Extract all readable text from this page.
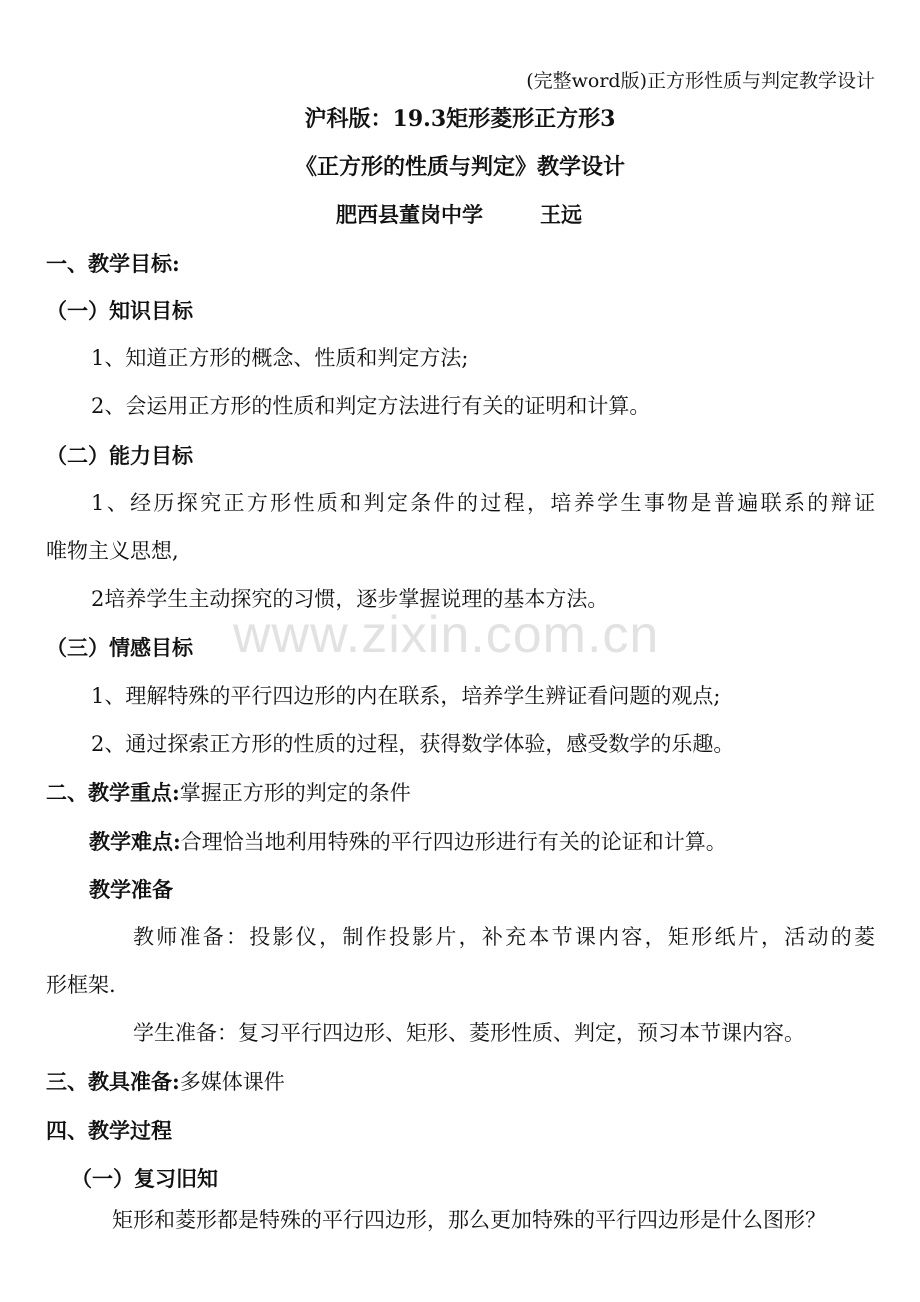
www.zixin.com.cn
(完整word版)正方形性质与判定教学设计
沪科版：19.3矩形菱形正方形3
《正方形的性质与判定》教学设计
肥西县董岗中学	王远
一、教学目标:
（一）知识目标
1、知道正方形的概念、性质和判定方法;
2、会运用正方形的性质和判定方法进行有关的证明和计算。
（二）能力目标
1、经历探究正方形性质和判定条件的过程，培养学生事物是普遍联系的辩证
唯物主义思想,
2培养学生主动探究的习惯，逐步掌握说理的基本方法。
（三）情感目标
1、理解特殊的平行四边形的内在联系，培养学生辨证看问题的观点;
2、通过探索正方形的性质的过程，获得数学体验，感受数学的乐趣。
二、教学重点:掌握正方形的判定的条件
教学难点:合理恰当地利用特殊的平行四边形进行有关的论证和计算。
教学准备
教师准备：投影仪，制作投影片，补充本节课内容，矩形纸片，活动的菱
形框架.
学生准备：复习平行四边形、矩形、菱形性质、判定，预习本节课内容。
三、教具准备:多媒体课件
四、教学过程
（一）复习旧知
矩形和菱形都是特殊的平行四边形，那么更加特殊的平行四边形是什么图形？
